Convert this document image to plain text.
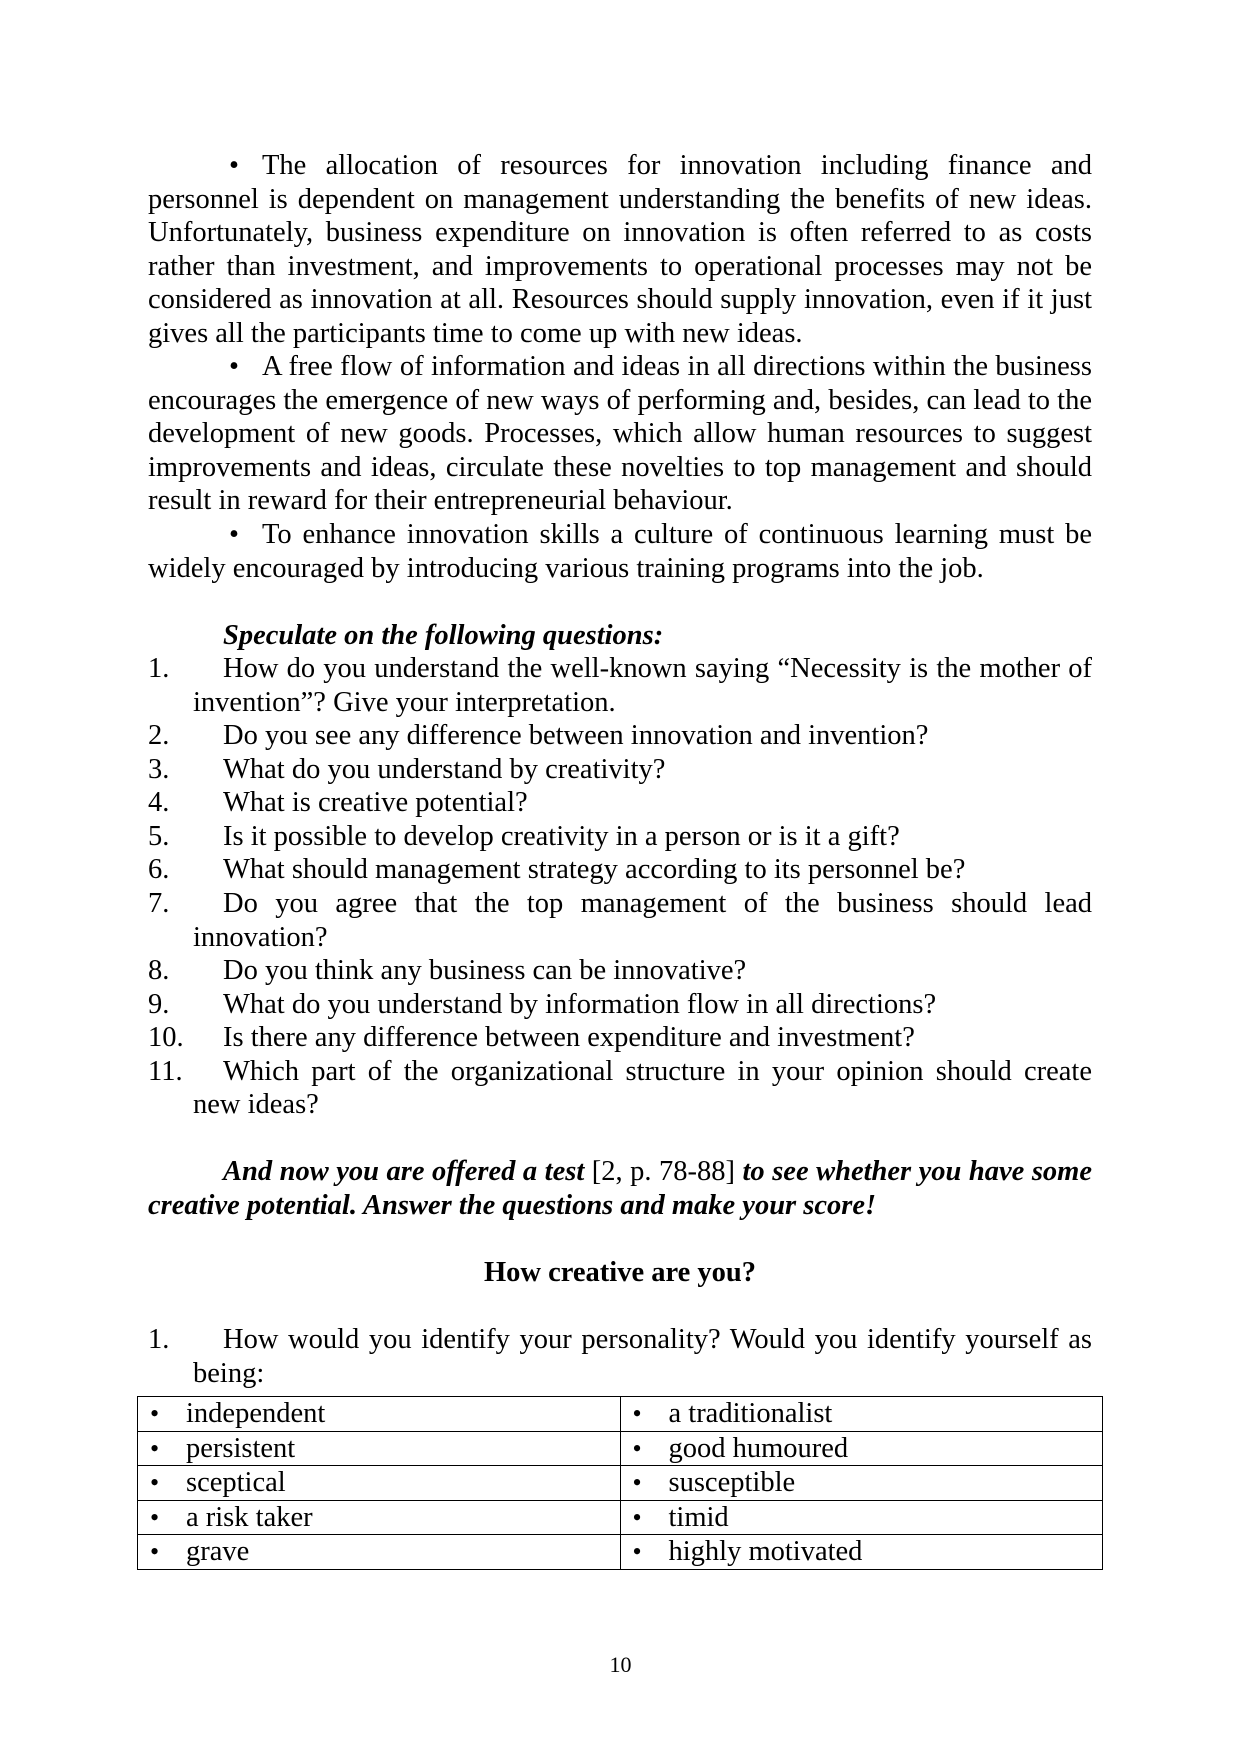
• The allocation of resources for innovation including finance and personnel is dependent on management understanding the benefits of new ideas. Unfortunately, business expenditure on innovation is often referred to as costs rather than investment, and improvements to operational processes may not be considered as innovation at all. Resources should supply innovation, even if it just gives all the participants time to come up with new ideas.

• A free flow of information and ideas in all directions within the business encourages the emergence of new ways of performing and, besides, can lead to the development of new goods. Processes, which allow human resources to suggest improvements and ideas, circulate these novelties to top management and should result in reward for their entrepreneurial behaviour.

• To enhance innovation skills a culture of continuous learning must be widely encouraged by introducing various training programs into the job.

Speculate on the following questions:

1. How do you understand the well-known saying “Necessity is the mother of invention”? Give your interpretation.
2. Do you see any difference between innovation and invention?
3. What do you understand by creativity?
4. What is creative potential?
5. Is it possible to develop creativity in a person or is it a gift?
6. What should management strategy according to its personnel be?
7. Do you agree that the top management of the business should lead innovation?
8. Do you think any business can be innovative?
9. What do you understand by information flow in all directions?
10. Is there any difference between expenditure and investment?
11. Which part of the organizational structure in your opinion should create new ideas?

And now you are offered a test [2, p. 78-88] to see whether you have some creative potential. Answer the questions and make your score!

How creative are you?

1. How would you identify your personality? Would you identify yourself as being:
• independent	• a traditionalist

• persistent	• good humoured

• sceptical	• susceptible

• a risk taker	• timid

• grave	• highly motivated
10
